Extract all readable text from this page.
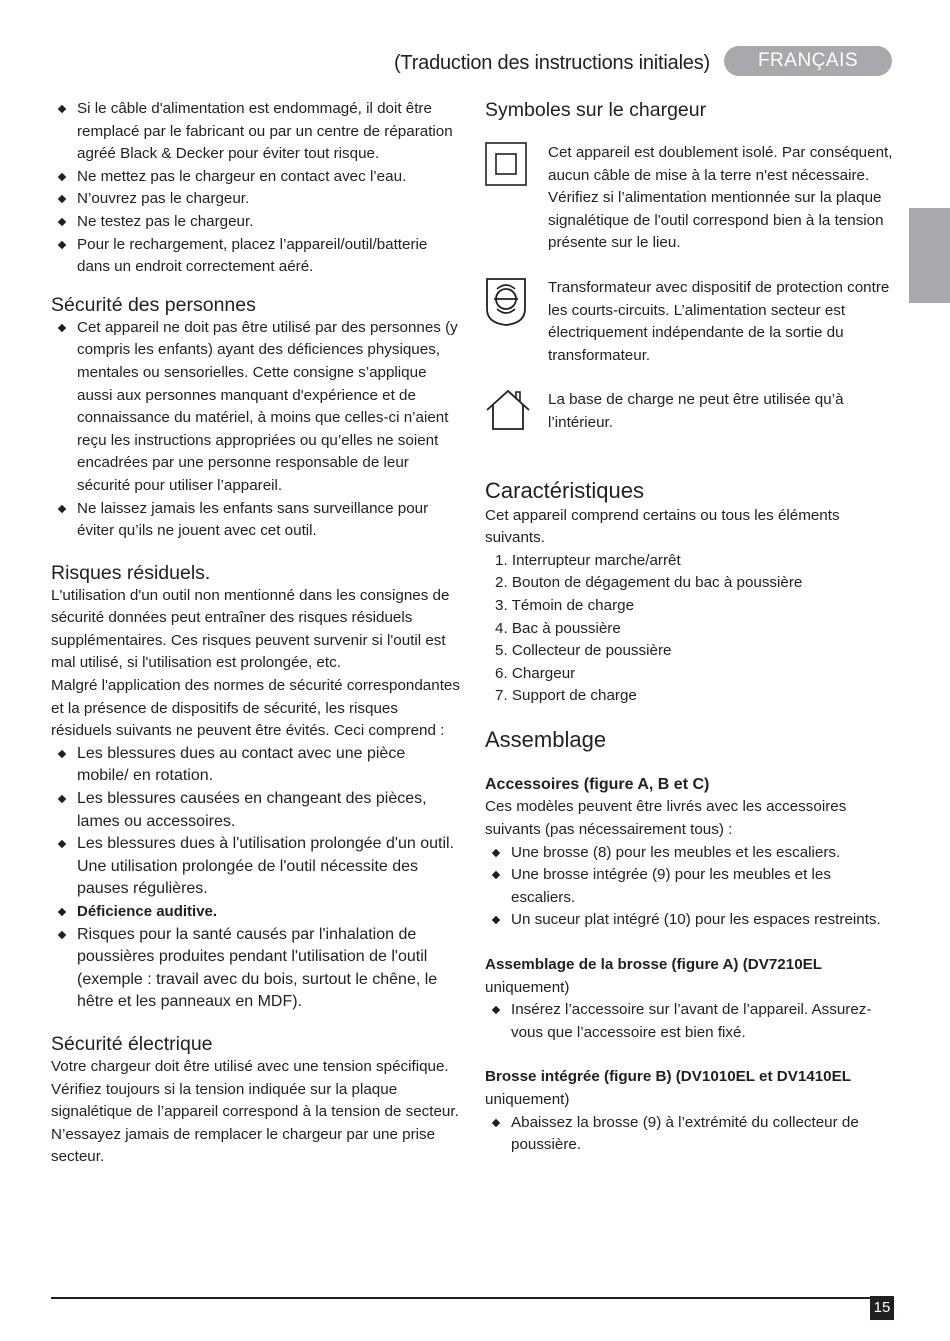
(Traduction des instructions initiales)	FRANÇAIS
Si le câble d'alimentation est endommagé, il doit être remplacé par le fabricant ou par un centre de réparation agréé Black & Decker pour éviter tout risque.
Ne mettez pas le chargeur en contact avec l’eau.
N’ouvrez pas le chargeur.
Ne testez pas le chargeur.
Pour le rechargement, placez l’appareil/outil/batterie dans un endroit correctement aéré.
Sécurité des personnes
Cet appareil ne doit pas être utilisé par des personnes (y compris les enfants) ayant des déficiences physiques, mentales ou sensorielles. Cette consigne s’applique aussi aux personnes manquant d'expérience et de connaissance du matériel, à moins que celles-ci n’aient reçu les instructions appropriées ou qu’elles ne soient encadrées par une personne responsable de leur sécurité pour utiliser l’appareil.
Ne laissez jamais les enfants sans surveillance pour éviter qu’ils ne jouent avec cet outil.
Risques résiduels.

L'utilisation d'un outil non mentionné dans les consignes de sécurité données peut entraîner des risques résiduels supplémentaires. Ces risques peuvent survenir si l'outil est mal utilisé, si l'utilisation est prolongée, etc.

Malgré l'application des normes de sécurité correspondantes et la présence de dispositifs de sécurité, les risques résiduels suivants ne peuvent être évités. Ceci comprend :

Les blessures dues au contact avec une pièce mobile/ en rotation.
Les blessures causées en changeant des pièces, lames ou accessoires.
Les blessures dues à l'utilisation prolongée d'un outil. Une utilisation prolongée de l'outil nécessite des pauses régulières.
Déficience auditive.
Risques pour la santé causés par l'inhalation de poussières produites pendant l'utilisation de l'outil (exemple : travail avec du bois, surtout le chêne, le hêtre et les panneaux en MDF).
Sécurité électrique

Votre chargeur doit être utilisé avec une tension spécifique. Vérifiez toujours si la tension indiquée sur la plaque signalétique de l’appareil correspond à la tension de secteur. N’essayez jamais de remplacer le chargeur par une prise secteur.

Symboles sur le chargeur

Cet appareil est doublement isolé. Par conséquent, aucun câble de mise à la terre n'est nécessaire. Vérifiez si l’alimentation mentionnée sur la plaque signalétique de l'outil correspond bien à la tension présente sur le lieu.

Transformateur avec dispositif de protection contre les courts-circuits. L’alimentation secteur est électriquement indépendante de la sortie du transformateur.

La base de charge ne peut être utilisée qu’à l’intérieur.

Caractéristiques

Cet appareil comprend certains ou tous les éléments suivants.

1. Interrupteur marche/arrêt
2. Bouton de dégagement du bac à poussière
3. Témoin de charge
4. Bac à poussière
5. Collecteur de poussière
6. Chargeur
7. Support de charge
Assemblage

Accessoires (figure A, B et C)

Ces modèles peuvent être livrés avec les accessoires suivants (pas nécessairement tous) :

Une brosse (8) pour les meubles et les escaliers.
Une brosse intégrée (9) pour les meubles et les escaliers.
Un suceur plat intégré (10) pour les espaces restreints.

Assemblage de la brosse (figure A) (DV7210EL
uniquement)

Insérez l’accessoire sur l’avant de l’appareil. Assurez-vous que l’accessoire est bien fixé.

Brosse intégrée (figure B) (DV1010EL et DV1410EL
uniquement)

Abaissez la brosse (9) à l’extrémité du collecteur de poussière.
15
